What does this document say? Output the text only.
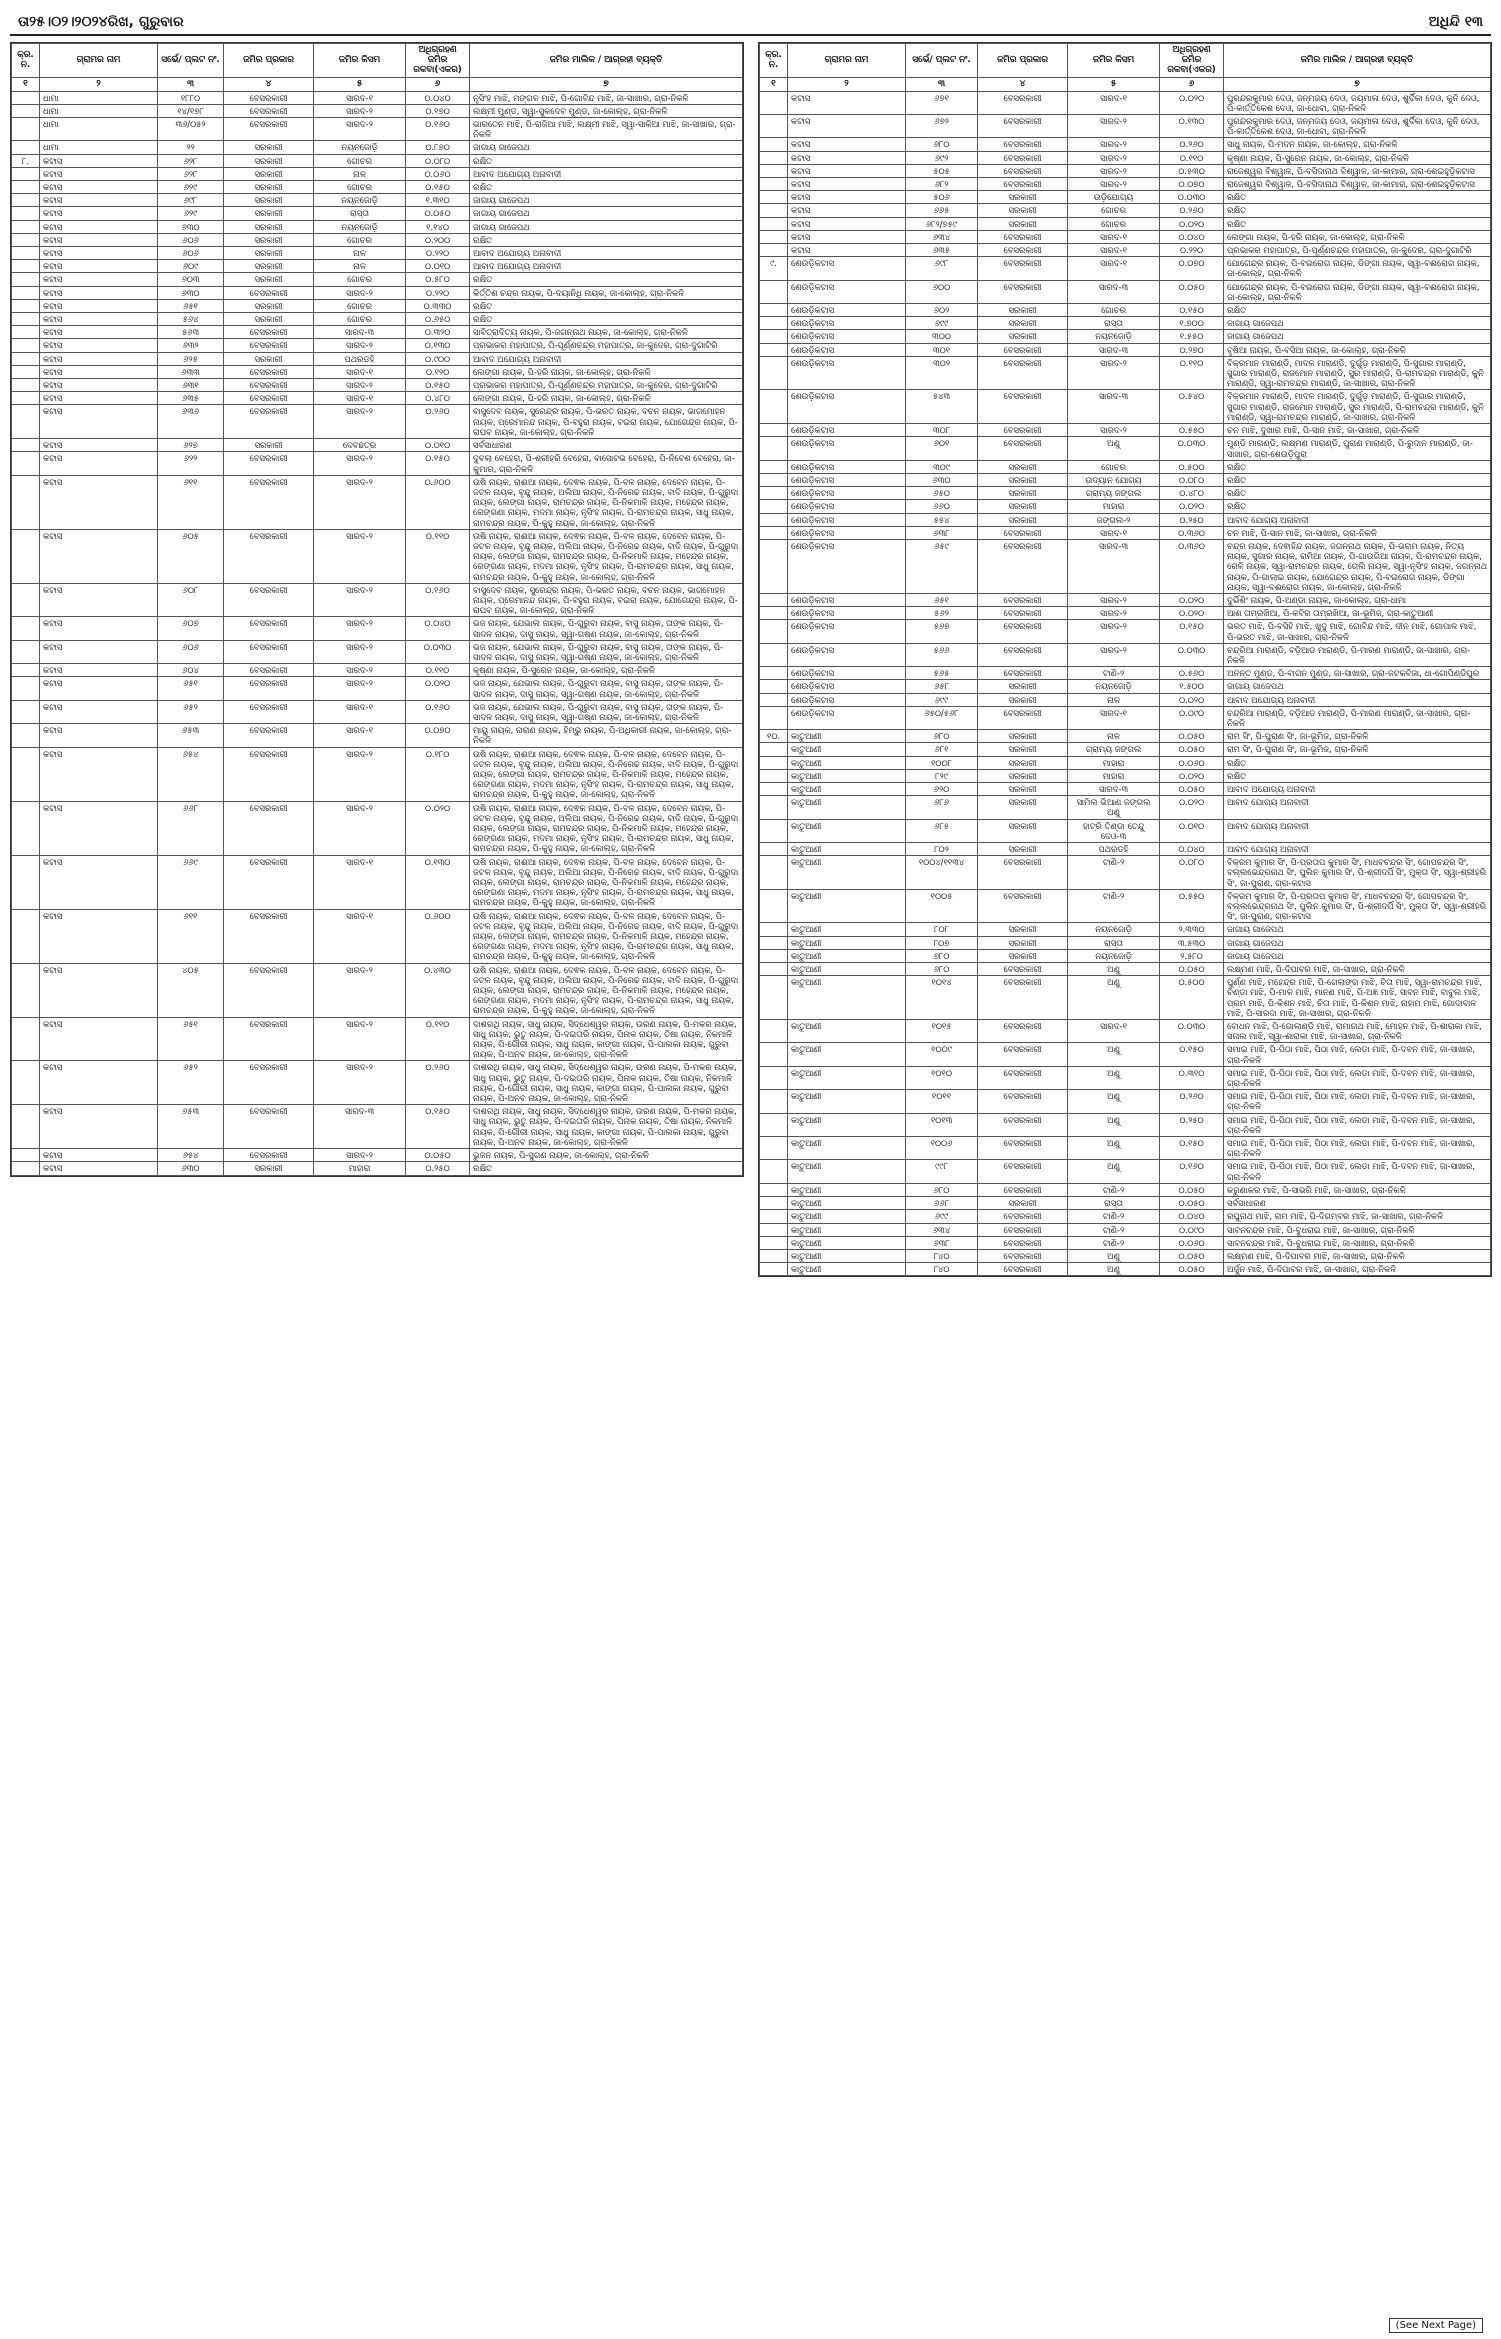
ତା୨୫।୦୨।୨୦୨୪ରିଖ, ଗୁରୁବାର	ଅଧିନ୍ଦି ୧୩
କ୍ର. ନ.	ଗ୍ରାମର ନାମ	ସର୍ଭେ/ ପ୍ଲଟ ନଂ.	ଜମିର ପ୍ରକାର	ଜମିର କିସମ	ଅଧିଗ୍ରହଣ ଜମିର ରକବା(ଏକର)	ଜମିର ମାଲିକ / ଆଗ୍ରହୀ ବ୍ୟକ୍ତି
୧	୨	୩	୪	୫	୬	୭
	ଧାମା	୧୮୮୦	ବେସରକାରୀ	ସାରଦ-୧	୦.୦୪୦	ନୃସିଂହ ମାଝି, ମଙ୍ଗଳ ମାଝି, ପି-ଗୋବିନ୍ଦ ମାଝି, ଜା-ସାଖାର, ଗ୍ରା-ନିକଳି
	ଧାମା	୧୪/୧୭୮	ବେସରକାରୀ	ସାରଦ-୨	୦.୧୭୦	ଲକ୍ଷ୍ମୀ ମୁଣ୍ଡ, ସ୍ୱା-ସୁକଦେବ ମୁଣ୍ଡ, ଜା-କୋଲ୍ହ, ଗ୍ରା-ନିକଳି
	ଧାମା	୩୬/୦୫୨	ବେସରକାରୀ	ସାରଦ-୨	୦.୧୬୦	ଭାରତେନ ମାଝି, ପି-ରାଜିଆ ମାଝି, ଲକ୍ଷ୍ମୀ ମାଝି, ସ୍ୱା-ସାକିଆ ମାଝି, ଜା-ସାଖାର, ଗ୍ରା-ନିକଳି
	ଧାମା	୨୨	ସରକାରୀ	ନୟନଜୋଡ଼ି	୦.୮୭୦	ଜାଗାୟ ଗାଜେପଥ
୮.	କଟାସ	୬୨୮	ସରକାରୀ	ଗୋଚର	୦.୦୮୦	ରକ୍ଷିତ
	କଟାସ	୬୨୮	ସରକାରୀ	ନାଳ	୦.୦୬୦	ଆବାଦ ଅଯୋଗ୍ୟ ଅନାବାଦୀ
	କଟାସ	୬୨୯	ସରକାରୀ	ଗୋଚର	୦.୧୫୦	ରକ୍ଷିତ
	କଟାସ	୬୯୮	ସରକାରୀ	ନୟନଜୋଡ଼ି	୧.୩୧୦	ଜାଗାୟ ଗାଜେପଥ
	କଟାସ	୬୨୯	ସରକାରୀ	ରାସ୍ତା	୦.୦୫୦	ଜାଗାୟ ଗାଜେପଥ
	କଟାସ	୬୩୦	ସରକାରୀ	ନୟନଜୋଡ଼ି	୧.୧୪୦	ଜାଗାୟ ଗାଜେପଥ
	କଟାସ	୬୦୬	ସରକାରୀ	ଗୋଚର	୦.୨୦୦	ରକ୍ଷିତ
	କଟାସ	୬୦୬	ସରକାରୀ	ନାଳ	୦.୨୨୦	ଆବାଦ ଅଯୋଗ୍ୟ ଅନାବାଦୀ
	କଟାସ	୬୦୯	ସରକାରୀ	ନାଳ	୦.୦୧୦	ଆବାଦ ଅଯୋଗ୍ୟ ଅନାବାଦୀ
	କଟାସ	୬୦୩	ସରକାରୀ	ଗୋଚର	୦.୫୮୦	ରକ୍ଷିତ
	କଟାସ	୬୩୦	ବେସରକାରୀ	ସାରଦ-୨	୦.୨୨୦	କିର୍ତ୍ତିଶ ଚନ୍ଦ୍ର ନାୟକ, ପି-ଦୟାନିଧି ନାୟକ, ଜା-କୋଲ୍ହ, ଗ୍ରା-ନିକଳି
	କଟାସ	୬୫୧	ସରକାରୀ	ଗୋଚର	୦.୩୩୦	ରକ୍ଷିତ
	କଟାସ	୫୬୪	ସରକାରୀ	ଗୋଚର	୦.୬୫୦	ରକ୍ଷିତ
	କଟାସ	୫୬୩	ବେସରକାରୀ	ସାରଦ-୩	୦.୩୨୦	ସାବିତ୍ରାଦିତ୍ୟ ନାୟକ, ପି-ଜଗନ୍ନାଥ ନାୟକ, ଜା-କୋଲ୍ହ, ଗ୍ରା-ନିକଳି
	କଟାସ	୬୩୨	ବେସରକାରୀ	ସାରଦ-୨	୦.୧୩୦	ପ୍ରଭାକର ମହାପାତ୍ର, ପି-ପୂର୍ଣ୍ଣଚନ୍ଦ୍ର ମହାପାତ୍ର, ଜା-କୁଦେର, ଗ୍ରା-ଦୁଗାଟିରି
	କଟାସ	୬୨୫	ସରକାରୀ	ପଥରଡହି	୦.୯୦୦	ଆବାଦ ଅଯୋଗ୍ୟ ଅନାବାଦୀ
	କଟାସ	୬୩୩	ବେସରକାରୀ	ସାରଦ-୧	୦.୧୨୦	ଲେଙ୍ଗା ନାୟକ, ପି-ହରି ନାୟକ, ଜା-କୋଲ୍ହ, ଗ୍ରା-ନିକଳି
	କଟାସ	୬୩୧	ବେସରକାରୀ	ସାରଦ-୨	୦.୧୫୦	ପ୍ରଭାକର ମହାପାତ୍ର, ପି-ପୂର୍ଣ୍ଣଚନ୍ଦ୍ର ମହାପାତ୍ର, ଜା-କୁଦେର, ଗ୍ରା-ଦୁଗାଟିରି
	କଟାସ	୬୩୫	ବେସରକାରୀ	ସାରଦ-୧	୦.୪୮୦	ଲେଙ୍ଗା ନାୟକ, ପି-ହରି ନାୟକ, ଜା-କୋଲ୍ହ, ଗ୍ରା-ନିକଳି
	କଟାସ	୬୩୬	ବେସରକାରୀ	ସାରଦ-୨	୦.୨୬୦	ବାସୁଦେବ ନାୟକ, ସୁରେନ୍ଦ୍ର ନାୟକ, ପି-ଭରତ ନାୟକ, ବଚନ ନାୟକ, ଭାଗମୋହନ ନାୟକ, ପ୍ରେମାନନ୍ଦ ନାୟକ, ପି-ବହୁରା ନାୟକ, ବଇରା ନାୟକ, ଯୋଗେନ୍ଦ୍ର ନାୟକ, ପି-ରାଘବ ନାୟକ, ଜା-କୋଲ୍ହ, ଗ୍ରା-ନିକଳି
	କଟାସ	୬୨୭	ସରକାରୀ	ଦେବଛତ୍ର	୦.୦୧୦	ସର୍ବସାଧାରଣ
	କଟାସ	୬୨୨	ବେସରକାରୀ	ସାରଦ-୨	୦.୧୫୦	ଦୁବଲା ବେହେରା, ପି-ଶ୍ରୀହରି ବେହେରା, ବାସୋଟଭ ବେହେରା, ପି-ନିବେଶ ବେହେରା, ଜା-କୁମାର, ଗ୍ରା-ନିକଳି
	କଟାସ	୬୧୧	ବେସରକାରୀ	ସାରଦ-୨	୦.୬୦୦	ଉଷି ନାୟକ, ରାଈଆ ନାୟକ, ଦେଵକ ନାୟକ, ପି-ବଳ ନାୟକ, ଦେବେନ ନାୟକ, ପି-ଜଟଳ ନାୟକ, ବୃନ୍ଦୁ ନାୟକ, ଅଲିଆ ନାୟକ, ପି-ନିରେଢ ନାୟକ, ବାଦି ନାୟକ, ପି-ଗୁରୁଦା ନାୟକ, ଲେଙ୍ଗା ନାୟକ, ରାମଚନ୍ଦ୍ର ନାୟକ, ପି-ନିକମାଳି ନାୟକ, ମହେନ୍ଦ୍ର ନାୟକ, ରେଙ୍ଗଣା ନାୟକ, ମଦମା ନାୟକ, ନୃସିଂହ ନାୟକ, ପି-ରାମଚନ୍ଦ୍ର ନାୟକ, ସାଧୁ ନାୟକ, ରାମଚନ୍ଦ୍ର ନାୟକ, ପି-କୁହୁ ନାୟକ, ଜା-କୋଲ୍ହ, ଗ୍ରା-ନିକଳି
	କଟାସ	୬୦୫	ବେସରକାରୀ	ସାରଦ-୨	୦.୧୧୦	ଉଷି ନାୟକ, ରାଈଆ ନାୟକ, ଦେଵକ ନାୟକ, ପି-ବଳ ନାୟକ, ଦେବେନ ନାୟକ, ପି-ଜଟଳ ନାୟକ, ବୃନ୍ଦୁ ନାୟକ, ଅଲିଆ ନାୟକ, ପି-ନିରେଢ ନାୟକ, ବାଦି ନାୟକ, ପି-ଗୁରୁଦା ନାୟକ, ଲେଙ୍ଗା ନାୟକ, ରାମଚନ୍ଦ୍ର ନାୟକ, ପି-ନିକମାଳି ନାୟକ, ମହେନ୍ଦ୍ର ନାୟକ, ରେଙ୍ଗଣା ନାୟକ, ମଦମା ନାୟକ, ନୃସିଂହ ନାୟକ, ପି-ରାମଚନ୍ଦ୍ର ନାୟକ, ସାଧୁ ନାୟକ, ରାମଚନ୍ଦ୍ର ନାୟକ, ପି-କୁହୁ ନାୟକ, ଜା-କୋଲ୍ହ, ଗ୍ରା-ନିକଳି
	କଟାସ	୬୦୮	ବେସରକାରୀ	ସାରଦ-୨	୦.୧୬୦	ବାସୁଦେବ ନାୟକ, ସୁରେନ୍ଦ୍ର ନାୟକ, ପି-ଭରତ ନାୟକ, ବଚନ ନାୟକ, ଭାଗମୋହନ ନାୟକ, ପ୍ରେମାନନ୍ଦ ନାୟକ, ପି-ବହୁରା ନାୟକ, ବଇରା ନାୟକ, ଯୋଗେନ୍ଦ୍ର ନାୟକ, ପି-ରାଘବ ନାୟକ, ଜା-କୋଲ୍ହ, ଗ୍ରା-ନିକଳି
	କଟାସ	୬୦୭	ବେସରକାରୀ	ସାରଦ-୨	୦.୦୪୦	ଭଜ ନାୟକ, ଯେଭାଲ ନାୟକ, ପି-ଗୁରୁବା ନାୟକ, ବାସୁ ନାୟକ, ତାଙ୍କ ନାୟକ, ପି-ସାଦଳ ନାୟକ, ଦାସୁ ନାୟକ, ସ୍ୱା-ଗଷ୍ଣ ନାୟକ, ଜା-କୋଲ୍ହ, ଗ୍ରା-ନିକଳି
	କଟାସ	୬୦୬	ବେସରକାରୀ	ସାରଦ-୨	୦.୦୩୦	ଭଜ ନାୟକ, ଯେଭାଲ ନାୟକ, ପି-ଗୁରୁବା ନାୟକ, ବାସୁ ନାୟକ, ତାଙ୍କ ନାୟକ, ପି-ସାଦଳ ନାୟକ, ଦାସୁ ନାୟକ, ସ୍ୱା-ଗଷ୍ଣ ନାୟକ, ଜା-କୋଲ୍ହ, ଗ୍ରା-ନିକଳି
	କଟାସ	୬୦୪	ବେସରକାରୀ	ସାରଦ-୨	୦.୧୧୦	କୃଷ୍ଣା ନାୟକ, ପି-ସୁରେନ ନାୟକ, ଜା-କୋଲ୍ହ, ଗ୍ରା-ନିକଳି
	କଟାସ	୬୫୧	ବେସରକାରୀ	ସାରଦ-୨	୦.୦୨୦	ଭଜ ନାୟକ, ଯେଭାଲ ନାୟକ, ପି-ଗୁରୁବା ନାୟକ, ବାସୁ ନାୟକ, ତାଙ୍କ ନାୟକ, ପି-ସାଦଳ ନାୟକ, ଦାସୁ ନାୟକ, ସ୍ୱା-ଗଷ୍ଣ ନାୟକ, ଜା-କୋଲ୍ହ, ଗ୍ରା-ନିକଳି
	କଟାସ	୬୫୨	ବେସରକାରୀ	ସାରଦ-୧	୦.୧୬୦	ଭଜ ନାୟକ, ଯେଭାଲ ନାୟକ, ପି-ଗୁରୁବା ନାୟକ, ବାସୁ ନାୟକ, ତାଙ୍କ ନାୟକ, ପି-ସାଦଳ ନାୟକ, ଦାସୁ ନାୟକ, ସ୍ୱା-ଗଷ୍ଣ ନାୟକ, ଜା-କୋଲ୍ହ, ଗ୍ରା-ନିକଳି
	କଟାସ	୬୫୩	ବେସରକାରୀ	ସାରଦ-୧	୦.୦୭୦	ମାୟୁ ନାୟକ, ନାରାଣ ନାୟକ, ହିମ୍ଭୁ ନାୟକ, ପି-ଅଧିକାରୀ ନାୟକ, ଜା-କୋଲ୍ହ, ଗ୍ରା-ନିକଳି
	କଟାସ	୬୫୪	ବେସରକାରୀ	ସାରଦ-୨	୦.୧୮୦	ଉଷି ନାୟକ, ରାଈଆ ନାୟକ, ଦେଵକ ନାୟକ, ପି-ବଳ ନାୟକ, ଦେବେନ ନାୟକ, ପି-ଜଟଳ ନାୟକ, ବୃନ୍ଦୁ ନାୟକ, ଅଲିଆ ନାୟକ, ପି-ନିରେଢ ନାୟକ, ବାଦି ନାୟକ, ପି-ଗୁରୁଦା ନାୟକ, ଲେଙ୍ଗା ନାୟକ, ରାମଚନ୍ଦ୍ର ନାୟକ, ପି-ନିକମାଳି ନାୟକ, ମହେନ୍ଦ୍ର ନାୟକ, ରେଙ୍ଗଣା ନାୟକ, ମଦମା ନାୟକ, ନୃସିଂହ ନାୟକ, ପି-ରାମଚନ୍ଦ୍ର ନାୟକ, ସାଧୁ ନାୟକ, ରାମଚନ୍ଦ୍ର ନାୟକ, ପି-କୁହୁ ନାୟକ, ଜା-କୋଲ୍ହ, ଗ୍ରା-ନିକଳି
	କଟାସ	୬୬୮	ବେସରକାରୀ	ସାରଦ-୨	୦.୦୨୦	ଉଷି ନାୟକ, ରାଈଆ ନାୟକ, ଦେଵକ ନାୟକ, ପି-ବଳ ନାୟକ, ଦେବେନ ନାୟକ, ପି-ଜଟଳ ନାୟକ, ବୃନ୍ଦୁ ନାୟକ, ଅଲିଆ ନାୟକ, ପି-ନିରେଢ ନାୟକ, ବାଦି ନାୟକ, ପି-ଗୁରୁଦା ନାୟକ, ଲେଙ୍ଗା ନାୟକ, ରାମଚନ୍ଦ୍ର ନାୟକ, ପି-ନିକମାଳି ନାୟକ, ମହେନ୍ଦ୍ର ନାୟକ, ରେଙ୍ଗଣା ନାୟକ, ମଦମା ନାୟକ, ନୃସିଂହ ନାୟକ, ପି-ରାମଚନ୍ଦ୍ର ନାୟକ, ସାଧୁ ନାୟକ, ରାମଚନ୍ଦ୍ର ନାୟକ, ପି-କୁହୁ ନାୟକ, ଜା-କୋଲ୍ହ, ଗ୍ରା-ନିକଳି
	କଟାସ	୬୬୯	ବେସରକାରୀ	ସାରଦ-୧	୦.୧୩୦	ଉଷି ନାୟକ, ରାଈଆ ନାୟକ, ଦେଵକ ନାୟକ, ପି-ବଳ ନାୟକ, ଦେବେନ ନାୟକ, ପି-ଜଟଳ ନାୟକ, ବୃନ୍ଦୁ ନାୟକ, ଅଲିଆ ନାୟକ, ପି-ନିରେଢ ନାୟକ, ବାଦି ନାୟକ, ପି-ଗୁରୁଦା ନାୟକ, ଲେଙ୍ଗା ନାୟକ, ରାମଚନ୍ଦ୍ର ନାୟକ, ପି-ନିକମାଳି ନାୟକ, ମହେନ୍ଦ୍ର ନାୟକ, ରେଙ୍ଗଣା ନାୟକ, ମଦମା ନାୟକ, ନୃସିଂହ ନାୟକ, ପି-ରାମଚନ୍ଦ୍ର ନାୟକ, ସାଧୁ ନାୟକ, ରାମଚନ୍ଦ୍ର ନାୟକ, ପି-କୁହୁ ନାୟକ, ଜା-କୋଲ୍ହ, ଗ୍ରା-ନିକଳି
	କଟାସ	୬୧୧	ବେସରକାରୀ	ସାରଦ-୧	୦.୬୦୦	ଉଷି ନାୟକ, ରାଈଆ ନାୟକ, ଦେଵକ ନାୟକ, ପି-ବଳ ନାୟକ, ଦେବେନ ନାୟକ, ପି-ଜଟଳ ନାୟକ, ବୃନ୍ଦୁ ନାୟକ, ଅଲିଆ ନାୟକ, ପି-ନିରେଢ ନାୟକ, ବାଦି ନାୟକ, ପି-ଗୁରୁଦା ନାୟକ, ଲେଙ୍ଗା ନାୟକ, ରାମଚନ୍ଦ୍ର ନାୟକ, ପି-ନିକମାଳି ନାୟକ, ମହେନ୍ଦ୍ର ନାୟକ, ରେଙ୍ଗଣା ନାୟକ, ମଦମା ନାୟକ, ନୃସିଂହ ନାୟକ, ପି-ରାମଚନ୍ଦ୍ର ନାୟକ, ସାଧୁ ନାୟକ, ରାମଚନ୍ଦ୍ର ନାୟକ, ପି-କୁହୁ ନାୟକ, ଜା-କୋଲ୍ହ, ଗ୍ରା-ନିକଳି
	କଟାସ	୪୦୫	ବେସରକାରୀ	ସାରଦ-୨	୦.୪୩୦	ଉଷି ନାୟକ, ରାଈଆ ନାୟକ, ଦେଵକ ନାୟକ, ପି-ବଳ ନାୟକ, ଦେବେନ ନାୟକ, ପି-ଜଟଳ ନାୟକ, ବୃନ୍ଦୁ ନାୟକ, ଅଲିଆ ନାୟକ, ପି-ନିରେଢ ନାୟକ, ବାଦି ନାୟକ, ପି-ଗୁରୁଦା ନାୟକ, ଲେଙ୍ଗା ନାୟକ, ରାମଚନ୍ଦ୍ର ନାୟକ, ପି-ନିକମାଳି ନାୟକ, ମହେନ୍ଦ୍ର ନାୟକ, ରେଙ୍ଗଣା ନାୟକ, ମଦମା ନାୟକ, ନୃସିଂହ ନାୟକ, ପି-ରାମଚନ୍ଦ୍ର ନାୟକ, ସାଧୁ ନାୟକ, ରାମଚନ୍ଦ୍ର ନାୟକ, ପି-କୁହୁ ନାୟକ, ଜା-କୋଲ୍ହ, ଗ୍ରା-ନିକଳି
	କଟାସ	୬୫୧	ବେସରକାରୀ	ସାରଦ-୨	୦.୧୧୦	ଦାଶରଥି ନାୟକ, ସାଧୁ ନାୟକ, ସିଦ୍ଧେଶ୍ୱର ନାୟକ, ଉରଣ ନାୟକ, ପି-ମକର ନାୟକ, ସାଧୁ ନାୟକ, ଭୁତୁ ନାୟକ, ପି-ଦଇତାରି ନାୟକ, ପିନାକ ନାୟକ, ତିଷା ନାୟକ, ନିକମାଳି ନାୟକ, ପି-ଗୌରୀ ନାୟକ, ସାଧୁ ନାୟକ, କାଙ୍ଗା ନାୟକ, ପି-ପାଲକା ନାୟକ, ଗୁରୁବା ନାୟକ, ପି-ଅନବ ନାୟକ, ଜା-କୋଲ୍ହ, ଗ୍ରା-ନିକଳି
	କଟାସ	୬୫୨	ବେସରକାରୀ	ସାରଦ-୨	୦.୨୬୦	ଦାଶରଥି ନାୟକ, ସାଧୁ ନାୟକ, ସିଦ୍ଧେଶ୍ୱର ନାୟକ, ଉରଣ ନାୟକ, ପି-ମକର ନାୟକ, ସାଧୁ ନାୟକ, ଭୁତୁ ନାୟକ, ପି-ଦଇତାରି ନାୟକ, ପିନାକ ନାୟକ, ତିଷା ନାୟକ, ନିକମାଳି ନାୟକ, ପି-ଗୌରୀ ନାୟକ, ସାଧୁ ନାୟକ, କାଙ୍ଗା ନାୟକ, ପି-ପାଲକା ନାୟକ, ଗୁରୁବା ନାୟକ, ପି-ଅନବ ନାୟକ, ଜା-କୋଲ୍ହ, ଗ୍ରା-ନିକଳି
	କଟାସ	୬୫୩	ବେସରକାରୀ	ସାରଦ-୩	୦.୧୫୦	ଦାଶରଥି ନାୟକ, ସାଧୁ ନାୟକ, ସିଦ୍ଧେଶ୍ୱର ନାୟକ, ଉରଣ ନାୟକ, ପି-ମକର ନାୟକ, ସାଧୁ ନାୟକ, ଭୁତୁ ନାୟକ, ପି-ଦଇତାରି ନାୟକ, ପିନାକ ନାୟକ, ତିଷା ନାୟକ, ନିକମାଳି ନାୟକ, ପି-ଗୌରୀ ନାୟକ, ସାଧୁ ନାୟକ, କାଙ୍ଗା ନାୟକ, ପି-ପାଲକା ନାୟକ, ଗୁରୁବା ନାୟକ, ପି-ଅନବ ନାୟକ, ଜା-କୋଲ୍ହ, ଗ୍ରା-ନିକଳି
	କଟାସ	୬୫୪	ବେସରକାରୀ	ସାରଦ-୨	୦.୦୫୦	ଭୁଜନ ନାୟକ, ପି-ସୁଗଣ ନାୟକ, ଜା-କୋଲ୍ହ, ଗ୍ରା-ନିକଳି
	କଟାସ	୬୩୦	ସରକାରୀ	ମାହାରା	୦.୨୫୦	ରକ୍ଷିତ
କ୍ର. ନ.	ଗ୍ରାମର ନାମ	ସର୍ଭେ/ ପ୍ଲଟ ନଂ.	ଜମିର ପ୍ରକାର	ଜମିର କିସମ	ଅଧିଗ୍ରହଣ ଜମିର ରକବା(ଏକର)	ଜମିର ମାଲିକ / ଆଗ୍ରହୀ ବ୍ୟକ୍ତି
୧	୨	୩	୪	୫	୬	୭
	କଟାସ	୬୭୧	ବେସରକାରୀ	ସାରଦ-୧	୦.୦୨୦	ପୁରନ୍ଦରକୁମାର ଦେଓ, ଜନ୍ମଜୟ ଦେଓ, ଜୟମାଳା ଦେଓ, ଶୁର୍ଦିକା ଦେଓ, କୁନି ଦେଓ, ପି-କାର୍ତ୍ତିକେଶ ଦେଓ, ଜା-ଧୋବା, ଗ୍ରା-ନିକଳି
	କଟାସ	୬୭୨	ବେସରକାରୀ	ସାରଦ-୨	୦.୧୩୦	ପୁରନ୍ଦରକୁମାର ଦେଓ, ଜନ୍ମଜୟ ଦେଓ, ଜୟମାଳା ଦେଓ, ଶୁର୍ଦିକା ଦେଓ, କୁନି ଦେଓ, ପି-କାର୍ତ୍ତିକେଶ ଦେଓ, ଜା-ଧୋବା, ଗ୍ରା-ନିକଳି
	କଟାସ	୬୮୦	ବେସରକାରୀ	ସାରଦ-୨	୦.୨୬୦	ସାଧୁ ନାୟକ, ପି-ମଦନ ନାୟକ, ଜା-କୋଲ୍ହ, ଗ୍ରା-ନିକଳି
	କଟାସ	୬୯୨	ବେସରକାରୀ	ସାରଦ-୨	୦.୧୧୦	କୃଷ୍ଣା ନାୟକ, ପି-ସୁରେନ ନାୟକ, ଜା-କୋଲ୍ହ, ଗ୍ରା-ନିକଳି
	କଟାସ	୫୦୫	ବେସରକାରୀ	ସାରଦ-୨	୦.୫୩୦	ରାଜେଶ୍ୱର ବିଶ୍ୱାଳ, ପି-ବସିଦାନାଥ ବିଶ୍ୱାଳ, ଜା-କାମାର, ଗ୍ରା-ଶେଇହୁଡ଼ିକଟାସ
	କଟାସ	୬୮୨	ବେସରକାରୀ	ସାରଦ-୨	୦.୦୭୦	ରାଜେଶ୍ୱର ବିଶ୍ୱାଳ, ପି-ବସିଦାନାଥ ବିଶ୍ୱାଳ, ଜା-କାମାର, ଗ୍ରା-ଶେଇହୁଡ଼ିକଟାସ
	କଟାସ	୫୦୬	ସରକାରୀ	ଉଡ଼ିଯୋଗ୍ୟ	୦.୦୩୦	ରକ୍ଷିତ
	କଟାସ	୬୬୫	ସରକାରୀ	ଗୋଚର	୦.୨୬୦	ରକ୍ଷିତ
	କଟାସ	୬୮୨/୭୫୯	ସରକାରୀ	ଗୋଚର	୦.୦୨୦	ରକ୍ଷିତ
	କଟାସ	୬୩୪	ବେସରକାରୀ	ସାରଦ-୧	୦.୦୪୦	ଲେଙ୍ଗା ନାୟକ, ପି-ହରି ନାୟକ, ଜା-କୋଲ୍ହ, ଗ୍ରା-ନିକଳି
	କଟାସ	୬୩୫	ବେସରକାରୀ	ସାରଦ-୧	୦.୨୨୦	ପ୍ରଭାକର ମହାପାତ୍ର, ପି-ପୂର୍ଣ୍ଣଚନ୍ଦ୍ର ମହାପାତ୍ର, ଜା-କୁଦେର, ଗ୍ରା-ଦୁଗାଟିରି
୯.	ଶେଉଡ଼ିକଟାସ	୬୯୮	ବେସରକାରୀ	ସାରଦ-୧	୦.୦୭୦	ଯୋଗେନ୍ଦ୍ର ନାୟକ, ପି-ବଇରୋଗ ନାୟକ, ଡିଙ୍ଗା ନାୟକ, ସ୍ୱା-ବଈରୋଗ ନାୟକ, ଜା-କୋଲ୍ହ, ଗ୍ରା-ନିକଳି
	ଶେଉଡ଼ିକଟାସ	୬୦୦	ବେସରକାରୀ	ସାରଦ-୩	୦.୦୫୦	ଯୋଗେନ୍ଦ୍ର ନାୟକ, ପି-ବଇରୋଗ ନାୟକ, ଡିଙ୍ଗା ନାୟକ, ସ୍ୱା-ବଈରୋଗ ନାୟକ, ଜା-କୋଲ୍ହ, ଗ୍ରା-ନିକଳି
	ଶେଉଡ଼ିକଟାସ	୬୦୨	ସରକାରୀ	ଗୋଚର	୦.୧୫୦	ରକ୍ଷିତ
	ଶେଉଡ଼ିକଟାସ	୬୯୯	ସରକାରୀ	ରାସ୍ତା	୧.୭୦୦	ଜାଗାୟ ଗାଜେପଥ
	ଶେଉଡ଼ିକଟାସ	୩୦୦	ସରକାରୀ	ନୟନଜୋଡ଼ି	୧.୫୫୦	ଜାଗାୟ ଗାଜେପଥ
	ଶେଉଡ଼ିକଟାସ	୩୦୧	ବେସରକାରୀ	ସାରଦ-୩	୦.୨୭୦	ବୃଷିଆ ନାୟକ, ପି-ବସିଆ ନାୟକ, ଜା-କୋଲ୍ହ, ଗ୍ରା-ନିକଳି
	ଶେଉଡ଼ିକଟାସ	୩୦୨	ବେସରକାରୀ	ସାରଦ-୨	୦.୧୧୦	ବିକ୍ରମାନ ମାରାଣ୍ଡି, ମାଦଳ ମାରାଣ୍ଡି, ଦୁର୍ଗୁଡ଼ ମାରାଣ୍ଡି, ପି-ସୁଗାର ମାରାଣ୍ଡି, ସୁଗାର ମାରାଣ୍ଡି, ରାଜମୋନ ମାରାଣ୍ଡି, ସୁର ମାରାଣ୍ଡି, ପି-ରାମଚନ୍ଦ୍ର ମାରାଣ୍ଡି, କୁନି ମାରାଣ୍ଡି, ସ୍ୱା-ରାମଚନ୍ଦ୍ର ମାରାଣ୍ଡି, ଜା-ସାଖାର, ଗ୍ରା-ନିକଳି
	ଶେଉଡ଼ିକଟାସ	୫୪୩	ବେସରକାରୀ	ସାରଦ-୩	୦.୫୪୦	ବିକ୍ରମାନ ମାରାଣ୍ଡି, ମାଦଳ ମାରାଣ୍ଡି, ଦୁର୍ଗୁଡ଼ ମାରାଣ୍ଡି, ପି-ସୁଗାର ମାରାଣ୍ଡି, ସୁଗାର ମାରାଣ୍ଡି, ରାଜମୋନ ମାରାଣ୍ଡି, ସୁର ମାରାଣ୍ଡି, ପି-ରାମଚନ୍ଦ୍ର ମାରାଣ୍ଡି, କୁନି ମାରାଣ୍ଡି, ସ୍ୱା-ରାମଚନ୍ଦ୍ର ମାରାଣ୍ଡି, ଜା-ସାଖାର, ଗ୍ରା-ନିକଳି
	ଶେଉଡ଼ିକଟାସ	୩୦୮	ବେସରକାରୀ	ସାରଦ-୨	୦.୫୫୦	ଚନ ମାଝି, ଦୁଖାର ମାଝି, ପି-ସାନ ମାଝି, ଜା-ସାଖାର, ଗ୍ରା-ନିକଳି
	ଶେଉଡ଼ିକଟାସ	୬୦୧	ବେସରକାରୀ	ଅଣୁ	୦.୦୩୦	ମୁଣ୍ଡି ମାରାଣ୍ଡି, ଲକ୍ଷ୍ମଣ ମାରାଣ୍ଡି, ପୁରାଣ ମାରାଣ୍ଡି, ପି-ରୁଦାନ ମାରାଣ୍ଡି, ଜା-ସାଖାର, ଗ୍ରା-ଶେଉଡ଼ିପୁରା
	ଶେଉଡ଼ିକଟାସ	୩୦୯	ସରକାରୀ	ଗୋଚର	୦.୫୦୦	ରକ୍ଷିତ
	ଶେଉଡ଼ିକଟାସ	୬୩୦	ସରକାରୀ	ଉଦ୍ୟାନ ଯୋଗ୍ୟ	୦.୦୮୦	ରକ୍ଷିତ
	ଶେଉଡ଼ିକଟାସ	୬୫୦	ସରକାରୀ	ଗ୍ରାମ୍ୟ ଜଙ୍ଗଲ	୦.୪୮୦	ରକ୍ଷିତ
	ଶେଉଡ଼ିକଟାସ	୬୬୦	ସରକାରୀ	ମାହାରା	୦.୦୨୦	ରକ୍ଷିତ
	ଶେଉଡ଼ିକଟାସ	୫୫୪	ସରକାରୀ	ଜଙ୍ଗଲ-୨	୦.୨୫୦	ଆବାଦ ଯୋଗ୍ୟ ଅନାବାଦୀ
	ଶେଉଡ଼ିକଟାସ	୬୩୮	ବେସରକାରୀ	ସାରଦ-୧	୦.୩୬୦	ଚନ ମାଝି, ପି-ସାନ ମାଝି, ଜା-ସାଖାର, ଗ୍ରା-ନିକଳି
	ଶେଉଡ଼ିକଟାସ	୬୫୯	ବେସରକାରୀ	ସାରଦ-୩	୦.୩୬୦	ଚନ୍ଦ୍ର ନାୟକ, ଦେଵାହିନ୍ଦ ନାୟକ, ଜଗନ୍ନାଥ ନାୟକ, ପି-ଭରାମ ନାୟକ, ନିତ୍ୟ ନାୟକ, ସୁଗାର ନାୟକ, ରାମିଆ ନାୟକ, ପି-ଗାଉଗିଆ ନାୟକ, ପି-ରାମଚନ୍ଦ୍ର ନାୟକ, ରେଳି ନାୟକ, ସ୍ୱା-ରାମଚନ୍ଦ୍ର ନାୟକ, ଗେଲି ନାୟକ, ସ୍ୱା-ନୃସିଂହ ନାୟକ, ଜଗନ୍ନାଥ ନାୟକ, ପି-ଗାଲାଇ ନାୟକ, ଯୋଗେନ୍ଦ୍ର ନାୟକ, ପି-ବଇରୋଗ ନାୟକ, ଡିଙ୍ଗା ନାୟକ, ସ୍ୱା-ବଈରୋଗ ନାୟକ, ଜା-କୋଲ୍ହ, ଗ୍ରା-ନିକଳି
	ଶେଉଡ଼ିକଟାସ	୬୫୧	ବେସରକାରୀ	ସାରଦ-୨	୦.୦୨୦	ଦୁର୍ଭିଶିଂ ନାୟକ, ପି-ଅଣ୍ଡା ନାୟକ, ଜା-କୋଲ୍ହ, ଗ୍ରା-ଧାମା
	ଶେଉଡ଼ିକଟାସ	୫୬୨	ବେସରକାରୀ	ସାରଦ-୨	୦.୦୨୦	ଆଶ ତାମ୍ରଖିଆ, ପି-କବିର ତାମ୍ରଖିଆ, ଜା-ଭୂମିଜ, ଗ୍ରା-କାତୁଆଣୀ
	ଶେଉଡ଼ିକଟାସ	୫୬୭	ବେସରକାରୀ	ସାରଦ-୨	୦.୧୫୦	ଭରତ ମାଝି, ପି-ବସିହି ମାଝି, ଖୁଦୁ ମାଝି, ଗୋବିନ୍ଦ ମାଝି, ଦୀନ ମାଝି, ଗୋପାଳ ମାଝି, ପି-ଭରତ ମାଝି, ଜା-ସାଖାର, ଗ୍ରା-ନିକଳି
	ଶେଉଡ଼ିକଟାସ	୫୬୬	ବେସରକାରୀ	ସାରଦ-୨	୦.୦୩୦	ଚନ୍ଦ୍ରିଆ ମାରାଣ୍ଡି, ବଡ଼ିଆଡ ମାରାଣ୍ଡି, ପି-ମାରଣ ମାରାଣ୍ଡି, ଜା-ସାଖାର, ଗ୍ରା-ନିକଳି
	ଶେଉଡ଼ିକଟାସ	୫୬୫	ବେସରକାରୀ	ଟାଣି-୨	୦.୫୬୦	ଅନନ୍ତ ମୁଣ୍ଡ, ପି-ବାଗନ ମୁଣ୍ଡ, ଜା-ସାଖାର, ଗ୍ରା-ଜଟକବିଜା, ଧା-ଗୋପିଣ୍ଡିପୁର
	ଶେଉଡ଼ିକଟାସ	୬୫୮	ସରକାରୀ	ନୟନଜୋଡ଼ି	୧.୫୦୦	ଜାଗାୟ ଗାଜେପଥ
	ଶେଉଡ଼ିକଟାସ	୬୯୯	ସରକାରୀ	ନାଳ	୦.୦୨୦	ଆବାଦ ଅଯୋଗ୍ୟ ଅନାବାଦୀ
	ଶେଉଡ଼ିକଟାସ	୬୫୦/୫୬୮	ବେସରକାରୀ	ସାରଦ-୧	୦.୦୯୦	ଚନ୍ଦ୍ରିଆ ମାରାଣ୍ଡି, ବଡ଼ିଆଡ ମାରାଣ୍ଡି, ପି-ମାରଣ ମାରାଣ୍ଡି, ଜା-ସାଖାର, ଗ୍ରା-ନିକଳି
୧୦.	କାତୁଆଣୀ	୬୮୦	ସରକାରୀ	ନାଳ	୦.୦୫୦	ରାମ ସିଂ, ପି-ପୁରାଣ ସିଂ, ଜା-ଭୂମିଜ, ଗ୍ରା-ନିକଳି
	କାତୁଆଣୀ	୬୮୧	ସରକାରୀ	ଗ୍ରାମ୍ୟ ଜଙ୍ଗଲ	୦.୦୫୦	ରାମ ସିଂ, ପି-ପୁରାଣ ସିଂ, ଜା-ଭୂମିଜ, ଗ୍ରା-ନିକଳି
	କାତୁଆଣୀ	୧୦୦୮	ସରକାରୀ	ମାହାରା	୦.୦୬୦	ରକ୍ଷିତ
	କାତୁଆଣୀ	୮୨୯	ସରକାରୀ	ମାହାରା	୦.୦୨୦	ରକ୍ଷିତ
	କାତୁଆଣୀ	୬୨୦	ସରକାରୀ	ସାରଦ-୩	୦.୦୫୦	ଆବାଦ ଅଯୋଗ୍ୟ ଅନାବାଦୀ
	କାତୁଆଣୀ	୬୮୬	ସରକାରୀ	ସାମିଲ ଭିଆଣ ଜଙ୍ଗଲ ଅଣୁ	୦.୦୨୦	ଆବାଦ ଯୋଗ୍ୟ ଅନାବାଦୀ
	କାତୁଆଣୀ	୬୮୫	ସରକାରୀ	ହାଟ୍ରି ତିଣ୍ଡା ତେନ୍ଦୁ ଦେଓ-୩	୦.୦୧୦	ଆବାଦ ଯୋଗ୍ୟ ଅନାବାଦୀ
	କାତୁଆଣୀ	୮୦୨	ସରକାରୀ	ପଥରଡହି	୦.୦୪୦	ଆବାଦ ଯୋଗ୍ୟ ଅନାବାଦୀ
	କାତୁଆଣୀ	୧୦୦୪/୧୧୩୪	ବେସରକାରୀ	ଟାଣି-୨	୦.୦୮୦	ବିକ୍ରମ କୁମାର ସିଂ, ପି-ପ୍ରତାପ କୁମାର ସିଂ, ମାଧବଚନ୍ଦ୍ର ସିଂ, ଗୋପଚନ୍ଦ୍ର ସିଂ, ବଲ୍ଲଭେନ୍ଦ୍ରନାଥ ସିଂ, ପୁଲିନ କୁମାର ସିଂ, ପି-ଶ୍ରୀଦର୍ପି ସିଂ, ମୁକ୍ତା ସିଂ, ସ୍ୱା-ଶ୍ରୀହରି ସିଂ, ଜା-ପୁରାଣ, ଗ୍ରା-କଟାସ
	କାତୁଆଣୀ	୧୦୦୫	ବେସରକାରୀ	ଟାଣି-୨	୦.୫୫୦	ବିକ୍ରମ କୁମାର ସିଂ, ପି-ପ୍ରତାପ କୁମାର ସିଂ, ମାଧବଚନ୍ଦ୍ର ସିଂ, ଗୋପଚନ୍ଦ୍ର ସିଂ, ବଲ୍ଲଭେନ୍ଦ୍ରନାଥ ସିଂ, ପୁଲିନ କୁମାର ସିଂ, ପି-ଶ୍ରୀଦର୍ପି ସିଂ, ମୁକ୍ତା ସିଂ, ସ୍ୱା-ଶ୍ରୀହରି ସିଂ, ଜା-ପୁରାଣ, ଗ୍ରା-କଟାସ
	କାତୁଆଣୀ	୮୦୮	ସରକାରୀ	ନୟନଜୋଡ଼ି	୨.୩୩୦	ଜାଗାୟ ଗାଜେପଥ
	କାତୁଆଣୀ	୮୦୭	ସରକାରୀ	ରାସ୍ତା	୩.୫୩୦	ଜାଗାୟ ଗାଜେପଥ
	କାତୁଆଣୀ	୭୮୦	ସରକାରୀ	ନୟନଜୋଡ଼ି	୨.୫୮୦	ଜାଗାୟ ଗାଜେପଥ
	କାତୁଆଣୀ	୬୮୦	ବେସରକାରୀ	ଅଣୁ	୦.୦୫୦	ଲକ୍ଷ୍ମଣ ମାଝି, ପି-ଦିପାବର ମାଝି, ଜା-ସାଖାର, ଗ୍ରା-ନିକଳି
	କାତୁଆଣୀ	୧୦୧୪	ବେସରକାରୀ	ଅଣୁ	୦.୫୦୦	ପୁର୍ଣ୍ଣ ମାଝି, ମହେନ୍ଦ୍ର ମାଝି, ପି-ଗେଲାଙ୍ଗ ମାଝି, ଚିତା ମାଝି, ସ୍ୱା-ରାମଚନ୍ଦ୍ର ମାଝି, ଚିଣ୍ଡା ମାଝି, ପି-ମାଳ ମାଝି, ମାନଣ ମାଝି, ପି-ଅଜ୍ଞ ମାଝି, ସାବନ ମାଝି, ବାବୁଲ ମାଝି, ପ୍ରମ ମାଝି, ପି-କିଶନ ମାଝି, ଚିତା ମାଝି, ପି-କିଶନ ମାଝି, ନାହାମ ମାଝି, ଗୋଦାବାଳ ମାଝି, ପି-ସାରଦା ମାଝି, ଜା-ସାଖାର, ଗ୍ରା-ନିକଳି
	କାତୁଆଣୀ	୧୦୧୫	ବେସରକାରୀ	ସାରଦ-୧	୦.୦୩୦	ବୋଧନ ମାଝି, ପି-ଗୋଲାଣ୍ଡି ମାଝି, ରାମାନାଥ ମାଝି, ମୋହନ ମାଝି, ପି-ଶାରାକା ମାଝି, ସନାଲ ମାଝି, ସ୍ୱା-ଶାରାକା ମାଝି, ଜା-ସାଖାର, ଗ୍ରା-ନିକଳି
	କାତୁଆଣୀ	୧୦୦୯	ବେସରକାରୀ	ଅଣୁ	୦.୧୫୦	ସମାଇ ମାଝି, ପି-ପିଠା ମାଝି, ପିଠା ମାଝି, ଲେଡା ମାଝି, ପି-ଦବନ ମାଝି, ଜା-ସାଖାର, ଗ୍ରା-ନିକଳି
	କାତୁଆଣୀ	୧୦୧୦	ବେସରକାରୀ	ଅଣୁ	୦.୩୧୦	ସମାଇ ମାଝି, ପି-ପିଠା ମାଝି, ପିଠା ମାଝି, ଲେଡା ମାଝି, ପି-ଦବନ ମାଝି, ଜା-ସାଖାର, ଗ୍ରା-ନିକଳି
	କାତୁଆଣୀ	୧୦୧୧	ବେସରକାରୀ	ଅଣୁ	୦.୨୬୦	ସମାଇ ମାଝି, ପି-ପିଠା ମାଝି, ପିଠା ମାଝି, ଲେଡା ମାଝି, ପି-ଦବନ ମାଝି, ଜା-ସାଖାର, ଗ୍ରା-ନିକଳି
	କାତୁଆଣୀ	୧୦୧୩	ବେସରକାରୀ	ଅଣୁ	୦.୨୫୦	ସମାଇ ମାଝି, ପି-ପିଠା ମାଝି, ପିଠା ମାଝି, ଲେଡା ମାଝି, ପି-ଦବନ ମାଝି, ଜା-ସାଖାର, ଗ୍ରା-ନିକଳି
	କାତୁଆଣୀ	୧୦୦୬	ବେସରକାରୀ	ଅଣୁ	୦.୧୫୦	ସମାଇ ମାଝି, ପି-ପିଠା ମାଝି, ପିଠା ମାଝି, ଲେଡା ମାଝି, ପି-ଦବନ ମାଝି, ଜା-ସାଖାର, ଗ୍ରା-ନିକଳି
	କାତୁଆଣୀ	୯୯୮	ବେସରକାରୀ	ଅଣୁ	୦.୧୬୦	ସମାଇ ମାଝି, ପି-ପିଠା ମାଝି, ପିଠା ମାଝି, ଲେଡା ମାଝି, ପି-ଦବନ ମାଝି, ଜା-ସାଖାର, ଗ୍ରା-ନିକଳି
	କାତୁଆଣୀ	୬୮୦	ବେସରକାରୀ	ଟାଣି-୨	୦.୦୫୦	କରୁଣାକର ମାଝି, ପି-ସାଭରି ମାଝି, ଜା-ସାଖାର, ଗ୍ରା-ନିକଳି
	କାତୁଆଣୀ	୬୬୮	ସରକାରୀ	ରାସ୍ତା	୦.୦୫୦	ସର୍ବସାଧାରଣ
	କାତୁଆଣୀ	୬୯୯	ବେସରକାରୀ	ଟାଣି-୨	୦.୦୪୦	ରଘୁନାଥ ମାଝି, ରାମ ମାଝି, ପି-ଦିଗମ୍ବର ମାଝି, ଜା-ସାଖାର, ଗ୍ରା-ନିକଳି
	କାତୁଆଣୀ	୬୩୪	ବେସରକାରୀ	ଟାଣି-୨	୦.୦୯୦	ସାବନଚନ୍ଦ୍ର ମାଝି, ପି-ବୁଧରାଇ ମାଝି, ଜା-ସାଖାର, ଗ୍ରା-ନିକଳି
	କାତୁଆଣୀ	୬୩୮	ବେସରକାରୀ	ଟାଣି-୨	୦.୦୬୦	ସାବନଚନ୍ଦ୍ର ମାଝି, ପି-ବୁଧରାଇ ମାଝି, ଜା-ସାଖାର, ଗ୍ରା-ନିକଳି
	କାତୁଆଣୀ	୮୪୦	ବେସରକାରୀ	ଅଣୁ	୦.୦୫୦	ଲକ୍ଷ୍ମଣ ମାଝି, ପି-ଦିପାବର ମାଝି, ଜା-ସାଖାର, ଗ୍ରା-ନିକଳି
	କାତୁଆଣୀ	୮୪୦	ବେସରକାରୀ	ଅଣୁ	୦.୦୫୦	ଅର୍ଜୁନ ମାଝି, ପି-ଦିପାବର ମାଝି, ଜା-ସାଖାର, ଗ୍ରା-ନିକଳି
(See Next Page)
